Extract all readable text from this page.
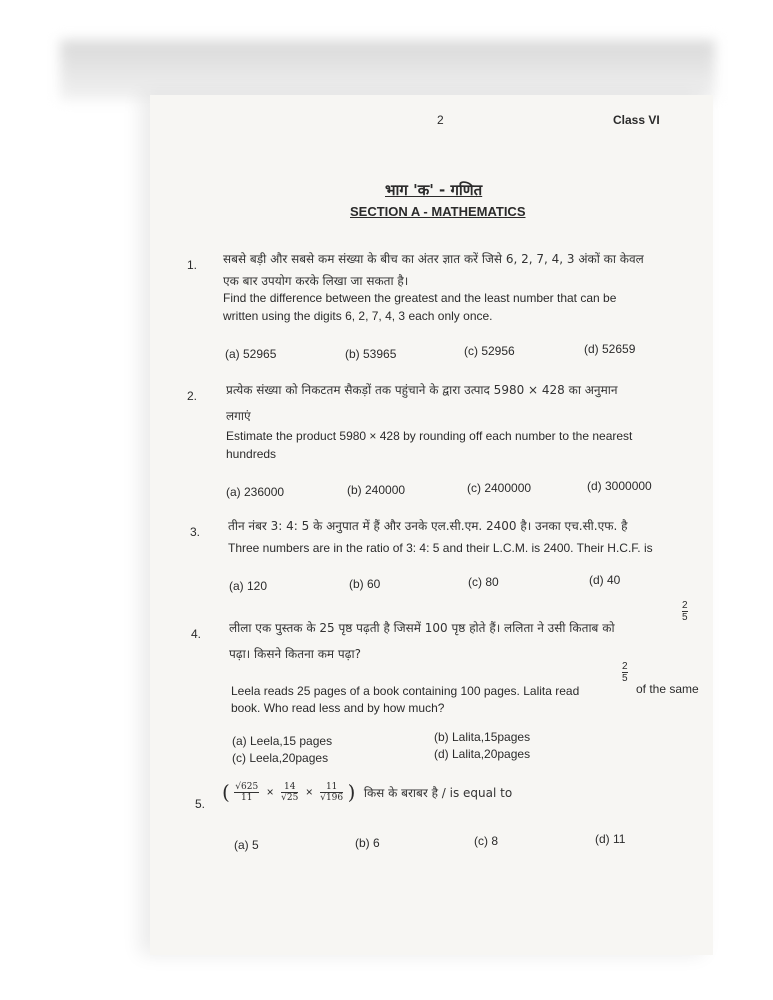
2	Class VI
भाग 'क' - गणित
SECTION A - MATHEMATICS
1. सबसे बड़ी और सबसे कम संख्या के बीच का अंतर ज्ञात करें जिसे 6, 2, 7, 4, 3 अंकों का केवल
एक बार उपयोग करके लिखा जा सकता है।
Find the difference between the greatest and the least number that can be
written using the digits 6, 2, 7, 4, 3 each only once.
(a) 52965	(b) 53965	(c) 52956	(d) 52659
2. प्रत्येक संख्या को निकटतम सैकड़ों तक पहुंचाने के द्वारा उत्पाद 5980 × 428 का अनुमान
लगाएं
Estimate the product 5980 × 428 by rounding off each number to the nearest
hundreds
(a) 236000	(b) 240000	(c) 2400000	(d) 3000000
3. तीन नंबर 3: 4: 5 के अनुपात में हैं और उनके एल.सी.एम. 2400 है। उनका एच.सी.एफ. है
Three numbers are in the ratio of 3: 4: 5 and their L.C.M. is 2400. Their H.C.F. is
(a) 120	(b) 60	(c) 80	(d) 40
4. लीला एक पुस्तक के 25 पृष्ठ पढ़ती है जिसमें 100 पृष्ठ होते हैं। ललिता ने उसी किताब को
$\frac{2}{5}$
पढ़ा। किसने कितना कम पढ़ा?
Leela reads 25 pages of a book containing 100 pages. Lalita read
$\frac{2}{5}$
of the same
book. Who read less and by how much?
(a) Leela,15 pages	(b) Lalita,15pages
(c) Leela,20pages	(d) Lalita,20pages
5. ( $\frac{√625}{11} \times \frac{14}{√25} \times \frac{11}{√196}$ ) किस के बराबर है / is equal to
(a) 5	(b) 6	(c) 8	(d) 11
